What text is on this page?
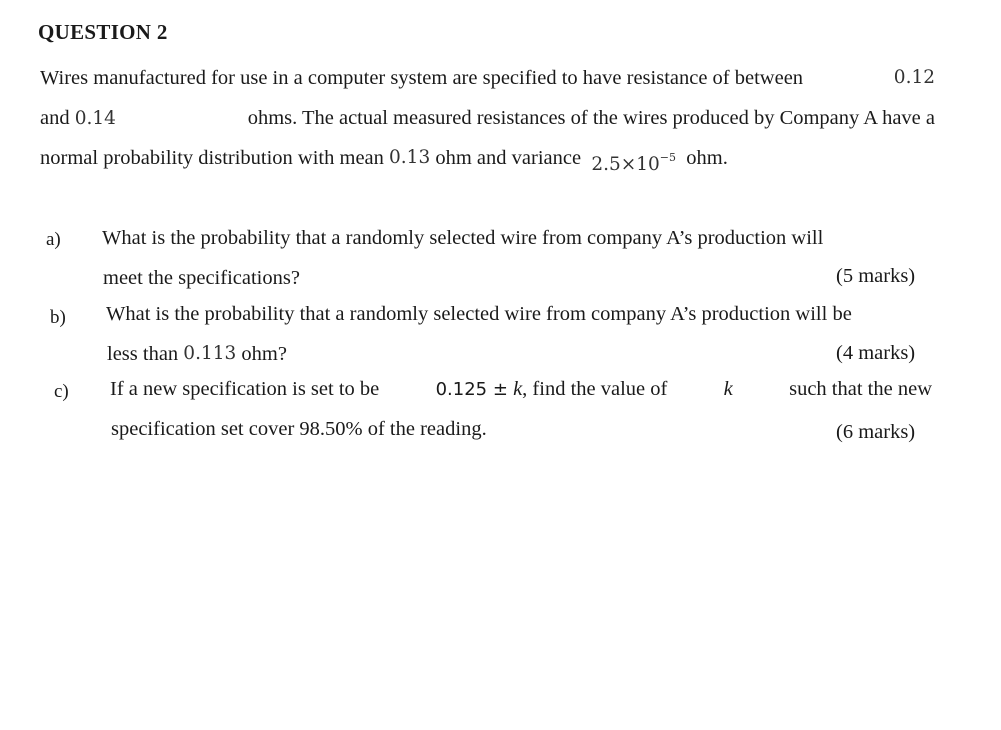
QUESTION 2
Wires manufactured for use in a computer system are specified to have resistance of between	0.12
and 0.14	ohms. The actual measured resistances of the wires produced by Company A have a
normal probability distribution with mean
0.13
ohm and variance
$2.5\times 10^{-5}$
ohm.
a) What is the probability that a randomly selected wire from company A’s production will
meet the specifications?	(5 marks)
b) What is the probability that a randomly selected wire from company A’s production will be
less than
0.113
ohm?	(4 marks)
c) If a new specification is set to be	0.125 ± k, find the value of	k	such that the new
specification set cover 98.50% of the reading.	(6 marks)
